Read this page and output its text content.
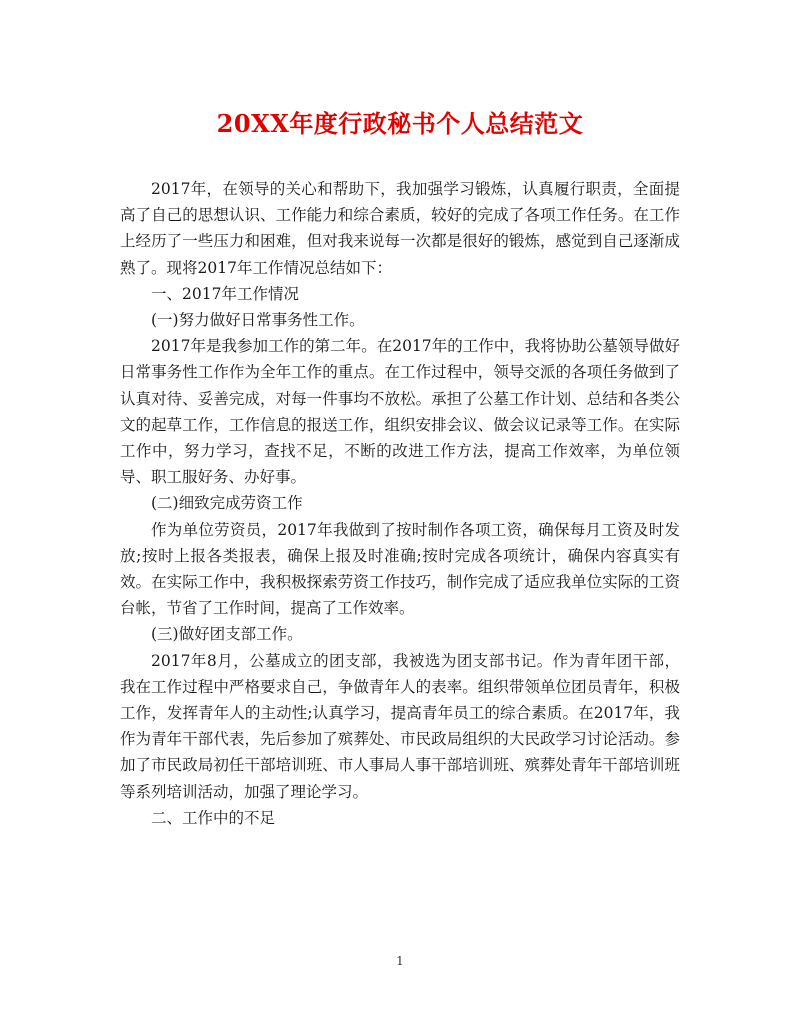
20XX年度行政秘书个人总结范文

2017年，在领导的关心和帮助下，我加强学习锻炼，认真履行职责，全面提高了自己的思想认识、工作能力和综合素质，较好的完成了各项工作任务。在工作上经历了一些压力和困难，但对我来说每一次都是很好的锻炼，感觉到自己逐渐成熟了。现将2017年工作情况总结如下：

一、2017年工作情况

(一)努力做好日常事务性工作。

2017年是我参加工作的第二年。在2017年的工作中，我将协助公墓领导做好日常事务性工作作为全年工作的重点。在工作过程中，领导交派的各项任务做到了认真对待、妥善完成，对每一件事均不放松。承担了公墓工作计划、总结和各类公文的起草工作，工作信息的报送工作，组织安排会议、做会议记录等工作。在实际工作中，努力学习，查找不足，不断的改进工作方法，提高工作效率，为单位领导、职工服好务、办好事。

(二)细致完成劳资工作

作为单位劳资员，2017年我做到了按时制作各项工资，确保每月工资及时发放;按时上报各类报表，确保上报及时准确;按时完成各项统计，确保内容真实有效。在实际工作中，我积极探索劳资工作技巧，制作完成了适应我单位实际的工资台帐，节省了工作时间，提高了工作效率。

(三)做好团支部工作。

2017年8月，公墓成立的团支部，我被选为团支部书记。作为青年团干部，我在工作过程中严格要求自己，争做青年人的表率。组织带领单位团员青年，积极工作，发挥青年人的主动性;认真学习，提高青年员工的综合素质。在2017年，我作为青年干部代表，先后参加了殡葬处、市民政局组织的大民政学习讨论活动。参加了市民政局初任干部培训班、市人事局人事干部培训班、殡葬处青年干部培训班等系列培训活动，加强了理论学习。

二、工作中的不足

1
